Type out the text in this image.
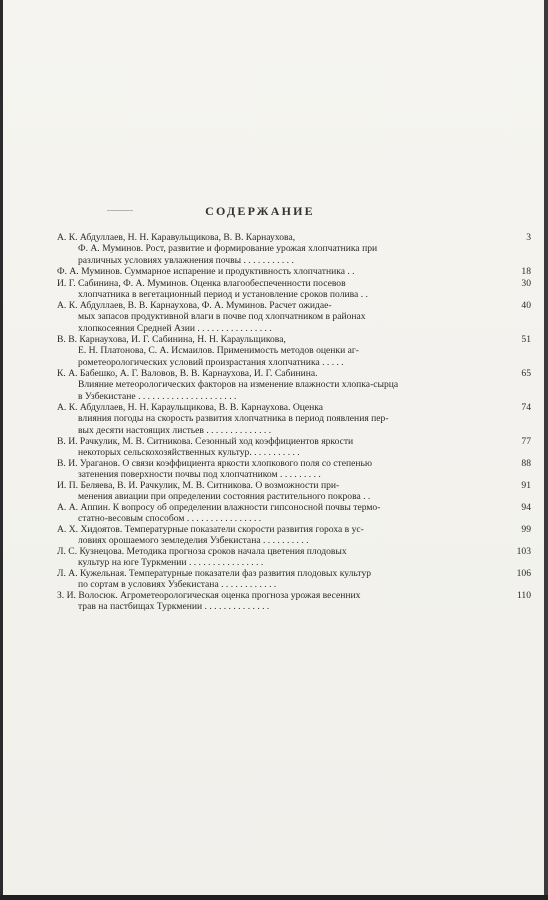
СОДЕРЖАНИЕ
А. К. Абдуллаев, Н. Н. Каравульщикова, В. В. Карнаухова,
Ф. А. Муминов. Рост, развитие и формирование урожая хлопчатника при
различных условиях увлажнения почвы . . . . . . . . . . .
3
Ф. А. Муминов. Суммарное испарение и продуктивность хлопчатника . .	18
И. Г. Сабинина, Ф. А. Муминов. Оценка влагообеспеченности посевов
хлопчатника в вегетационный период и установление сроков полива . .
30
А. К. Абдуллаев, В. В. Карнаухова, Ф. А. Муминов. Расчет ожидае-
мых запасов продуктивной влаги в почве под хлопчатником в районах
хлопкосеяния Средней Азии . . . . . . . . . . . . . . . .
40
В. В. Карнаухова, И. Г. Сабинина, Н. Н. Караульщикова,
Е. Н. Платонова, С. А. Исмаилов. Применимость методов оценки аг-
рометеорологических условий произрастания хлопчатника . . . . .
51
К. А. Бабешко, А. Г. Валовов, В. В. Карнаухова, И. Г. Сабинина.
Влияние метеорологических факторов на изменение влажности хлопка-сырца
в Узбекистане . . . . . . . . . . . . . . . . . . . . .
65
А. К. Абдуллаев, Н. Н. Караульщикова, В. В. Карнаухова. Оценка
влияния погоды на скорость развития хлопчатника в период появления пер-
вых десяти настоящих листьев . . . . . . . . . . . . . .
74
В. И. Рачкулик, М. В. Ситникова. Сезонный ход коэффициентов яркости
некоторых сельскохозяйственных культур. . . . . . . . . . .
77
В. И. Ураганов. О связи коэффициента яркости хлопкового поля со степенью
затенения поверхности почвы под хлопчатником . . . . . . . . .
88
И. П. Беляева, В. И. Рачкулик, М. В. Ситникова. О возможности при-
менения авиации при определении состояния растительного покрова . .
91
А. А. Аппин. К вопросу об определении влажности гипсоносной почвы термо-
статно-весовым способом . . . . . . . . . . . . . . . .
94
А. Х. Хидоятов. Температурные показатели скорости развития гороха в ус-
ловиях орошаемого земледелия Узбекистана . . . . . . . . . .
99
Л. С. Кузнецова. Методика прогноза сроков начала цветения плодовых
культур на юге Туркмении . . . . . . . . . . . . . . . .
103
Л. А. Кужельная. Температурные показатели фаз развития плодовых культур
по сортам в условиях Узбекистана . . . . . . . . . . . .
106
З. И. Волосюк. Агрометеорологическая оценка прогноза урожая весенних
трав на пастбищах Туркмении . . . . . . . . . . . . . .
110
